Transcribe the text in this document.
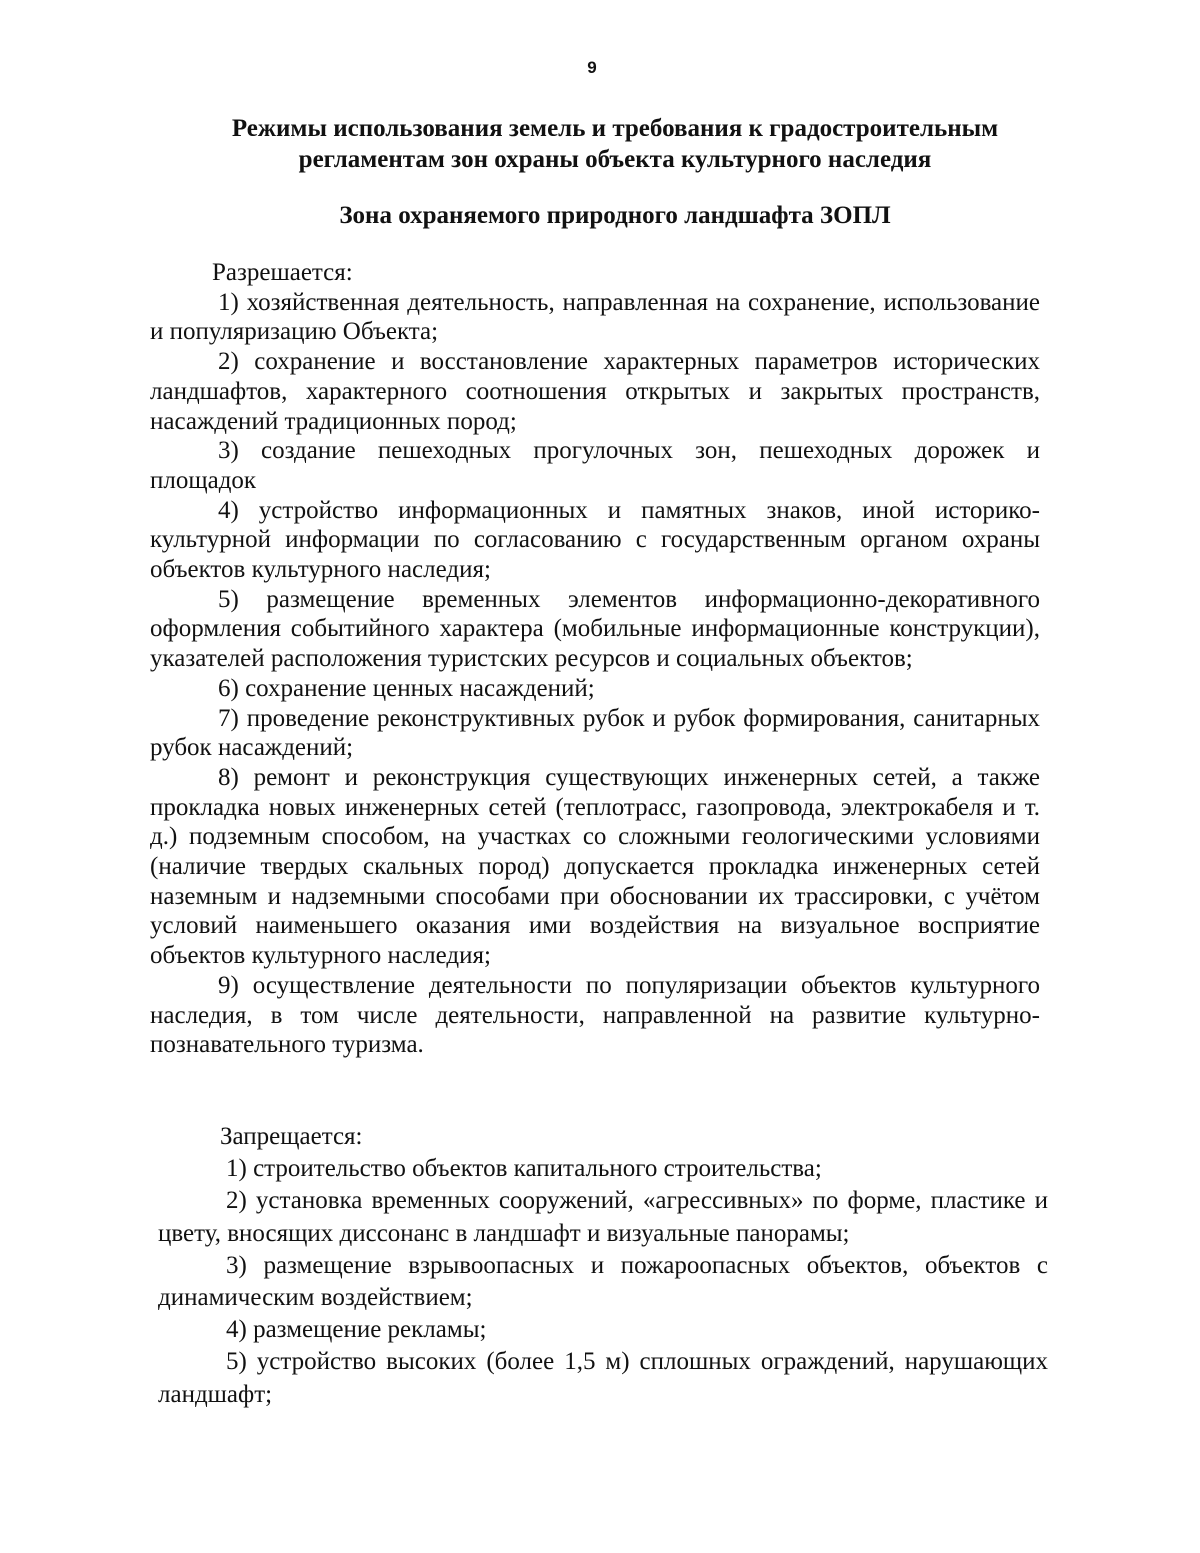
9
Режимы использования земель и требования к градостроительным
регламентам зон охраны объекта культурного наследия
Зона охраняемого природного ландшафта ЗОПЛ

Разрешается:

1) хозяйственная деятельность, направленная на сохранение, использование и популяризацию Объекта;

2) сохранение и восстановление характерных параметров исторических ландшафтов, характерного соотношения открытых и закрытых пространств, насаждений традиционных пород;

3) создание пешеходных прогулочных зон, пешеходных дорожек и площадок

4) устройство информационных и памятных знаков, иной историко-культурной информации по согласованию с государственным органом охраны объектов культурного наследия;

5) размещение временных элементов информационно-декоративного оформления событийного характера (мобильные информационные конструкции), указателей расположения туристских ресурсов и социальных объектов;

6) сохранение ценных насаждений;

7) проведение реконструктивных рубок и рубок формирования, санитарных рубок насаждений;

8) ремонт и реконструкция существующих инженерных сетей, а также прокладка новых инженерных сетей (теплотрасс, газопровода, электрокабеля и т. д.) подземным способом, на участках со сложными геологическими условиями (наличие твердых скальных пород) допускается прокладка инженерных сетей наземным и надземными способами при обосновании их трассировки, с учётом условий наименьшего оказания ими воздействия на визуальное восприятие объектов культурного наследия;

9) осуществление деятельности по популяризации объектов культурного наследия, в том числе деятельности, направленной на развитие культурно-познавательного туризма.

Запрещается:

1) строительство объектов капитального строительства;

2) установка временных сооружений, «агрессивных» по форме, пластике и цвету, вносящих диссонанс в ландшафт и визуальные панорамы;

3) размещение взрывоопасных и пожароопасных объектов, объектов с динамическим воздействием;

4) размещение рекламы;

5) устройство высоких (более 1,5 м) сплошных ограждений, нарушающих ландшафт;
